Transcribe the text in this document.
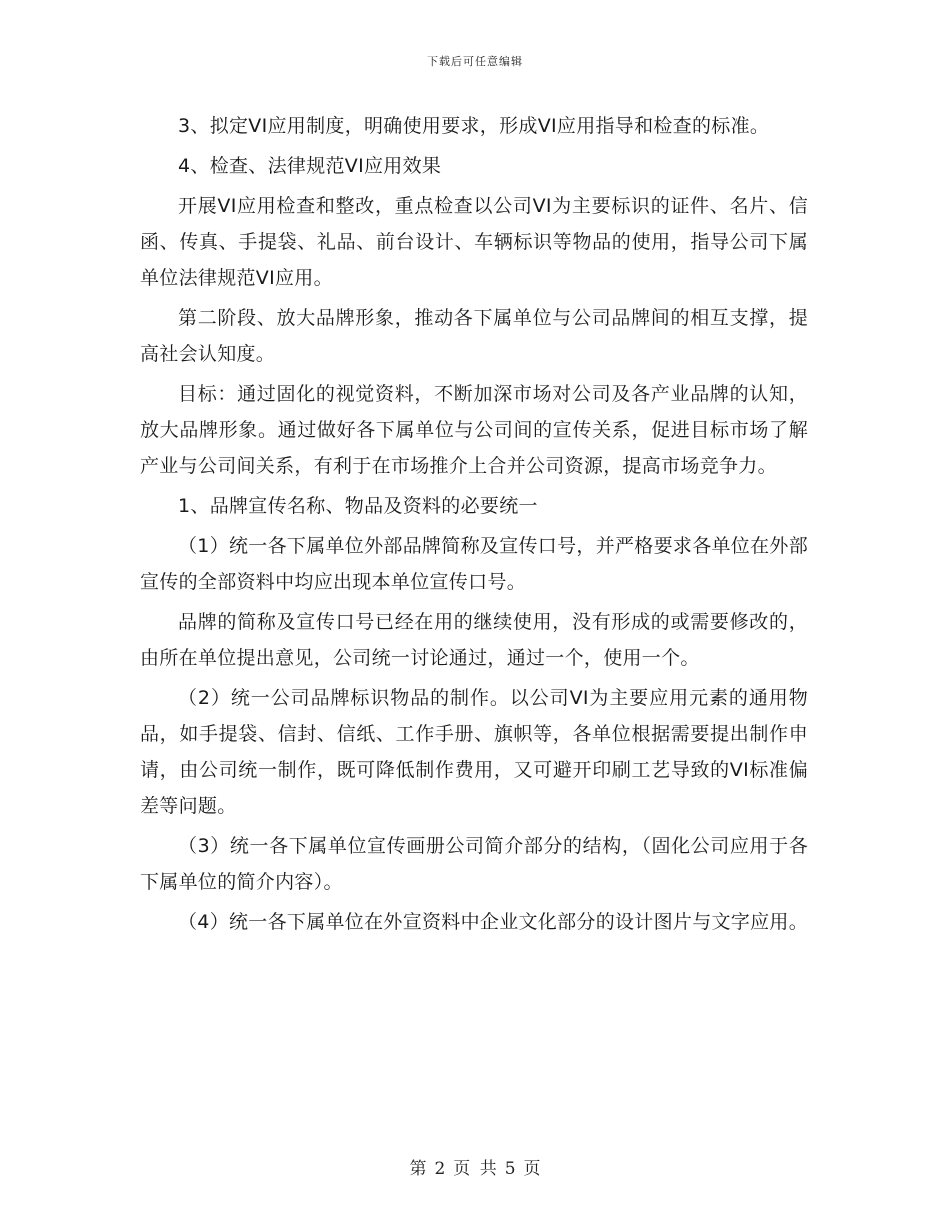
下载后可任意编辑

3、拟定VI应用制度，明确使用要求，形成VI应用指导和检查的标准。

4、检查、法律规范VI应用效果

开展VI应用检查和整改，重点检查以公司VI为主要标识的证件、名片、信函、传真、手提袋、礼品、前台设计、车辆标识等物品的使用，指导公司下属单位法律规范VI应用。

第二阶段、放大品牌形象，推动各下属单位与公司品牌间的相互支撑，提高社会认知度。

目标：通过固化的视觉资料，不断加深市场对公司及各产业品牌的认知，放大品牌形象。通过做好各下属单位与公司间的宣传关系，促进目标市场了解产业与公司间关系，有利于在市场推介上合并公司资源，提高市场竞争力。

1、品牌宣传名称、物品及资料的必要统一

（1）统一各下属单位外部品牌简称及宣传口号，并严格要求各单位在外部宣传的全部资料中均应出现本单位宣传口号。

品牌的简称及宣传口号已经在用的继续使用，没有形成的或需要修改的，由所在单位提出意见，公司统一讨论通过，通过一个，使用一个。

（2）统一公司品牌标识物品的制作。以公司VI为主要应用元素的通用物品，如手提袋、信封、信纸、工作手册、旗帜等，各单位根据需要提出制作申请，由公司统一制作，既可降低制作费用，又可避开印刷工艺导致的VI标准偏差等问题。

（3）统一各下属单位宣传画册公司简介部分的结构，（固化公司应用于各下属单位的简介内容）。

（4）统一各下属单位在外宣资料中企业文化部分的设计图片与文字应用。

第 2 页 共 5 页
